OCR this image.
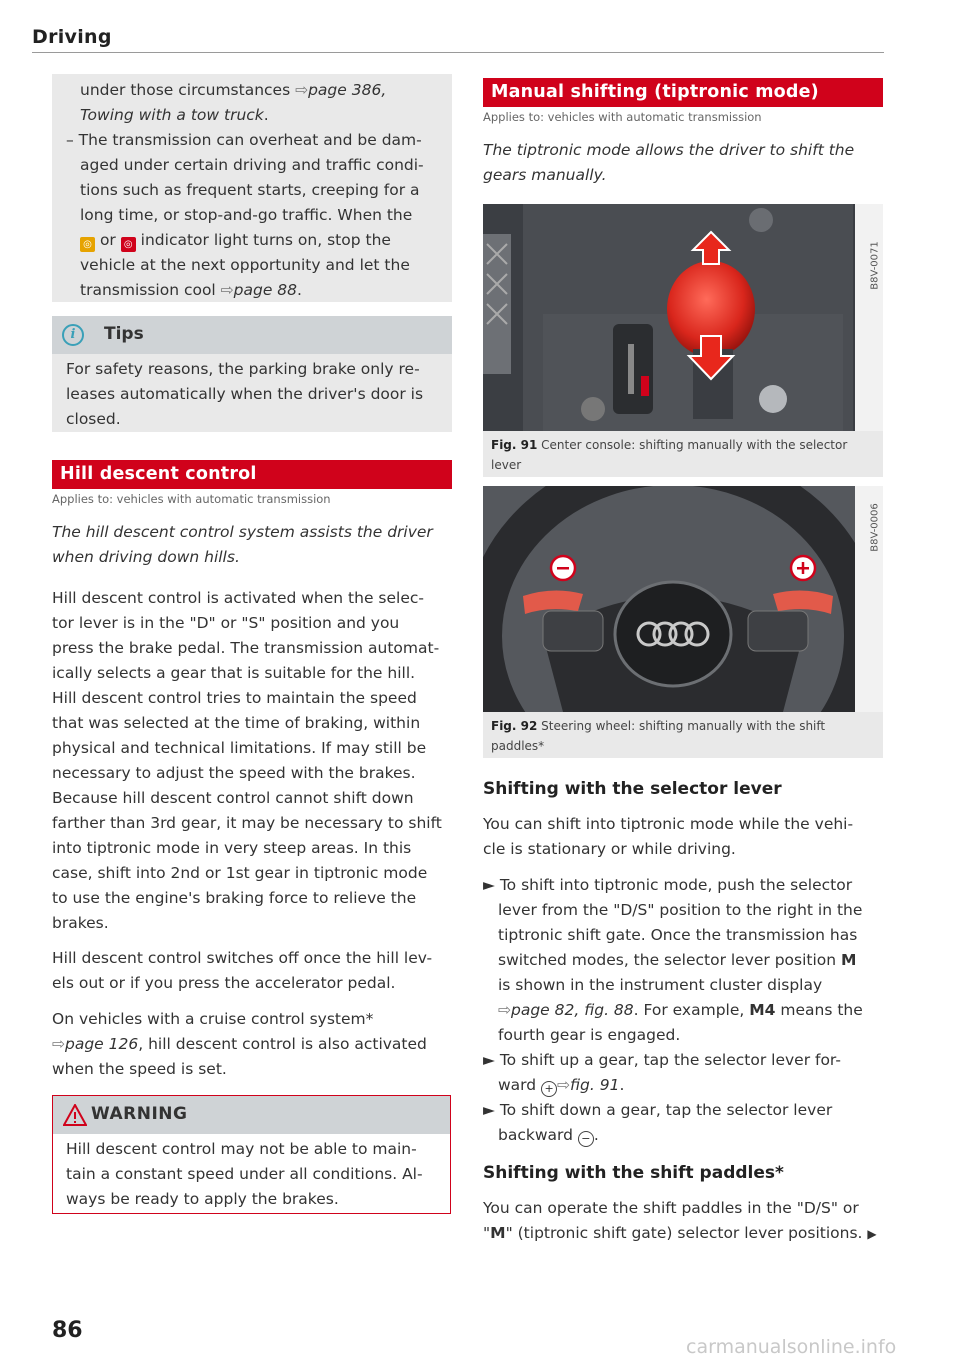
Driving

under those circumstances ⇨page 386,

Towing with a tow truck.

– The transmission can overheat and be dam-

aged under certain driving and traffic condi-

tions such as frequent starts, creeping for a

long time, or stop-and-go traffic. When the

◎ or ◎ indicator light turns on, stop the

vehicle at the next opportunity and let the

transmission cool ⇨page 88.

i	Tips

For safety reasons, the parking brake only re-

leases automatically when the driver's door is

closed.

Hill descent control

Applies to: vehicles with automatic transmission

The hill descent control system assists the driver

when driving down hills.

Hill descent control is activated when the selec-

tor lever is in the "D" or "S" position and you

press the brake pedal. The transmission automat-

ically selects a gear that is suitable for the hill.

Hill descent control tries to maintain the speed

that was selected at the time of braking, within

physical and technical limitations. If may still be

necessary to adjust the speed with the brakes.

Because hill descent control cannot shift down

farther than 3rd gear, it may be necessary to shift

into tiptronic mode in very steep areas. In this

case, shift into 2nd or 1st gear in tiptronic mode

to use the engine's braking force to relieve the

brakes.

Hill descent control switches off once the hill lev-

els out or if you press the accelerator pedal.

On vehicles with a cruise control system*

⇨page 126, hill descent control is also activated

when the speed is set.

WARNING

Hill descent control may not be able to main-

tain a constant speed under all conditions. Al-

ways be ready to apply the brakes.

Manual shifting (tiptronic mode)

Applies to: vehicles with automatic transmission

The tiptronic mode allows the driver to shift the

gears manually.

B8V-0071
Fig. 91 Center console: shifting manually with the selector
lever
B8V-0006
Fig. 92 Steering wheel: shifting manually with the shift
paddles*

Shifting with the selector lever

You can shift into tiptronic mode while the vehi-

cle is stationary or while driving.

► To shift into tiptronic mode, push the selector

lever from the "D/S" position to the right in the

tiptronic shift gate. Once the transmission has

switched modes, the selector lever position M

is shown in the instrument cluster display

⇨page 82, fig. 88. For example, M4 means the

fourth gear is engaged.

► To shift up a gear, tap the selector lever for-

ward + ⇨fig. 91.

► To shift down a gear, tap the selector lever

backward − .

Shifting with the shift paddles*

You can operate the shift paddles in the "D/S" or

"M" (tiptronic shift gate) selector lever positions. ▶

86
carmanualsonline.info
